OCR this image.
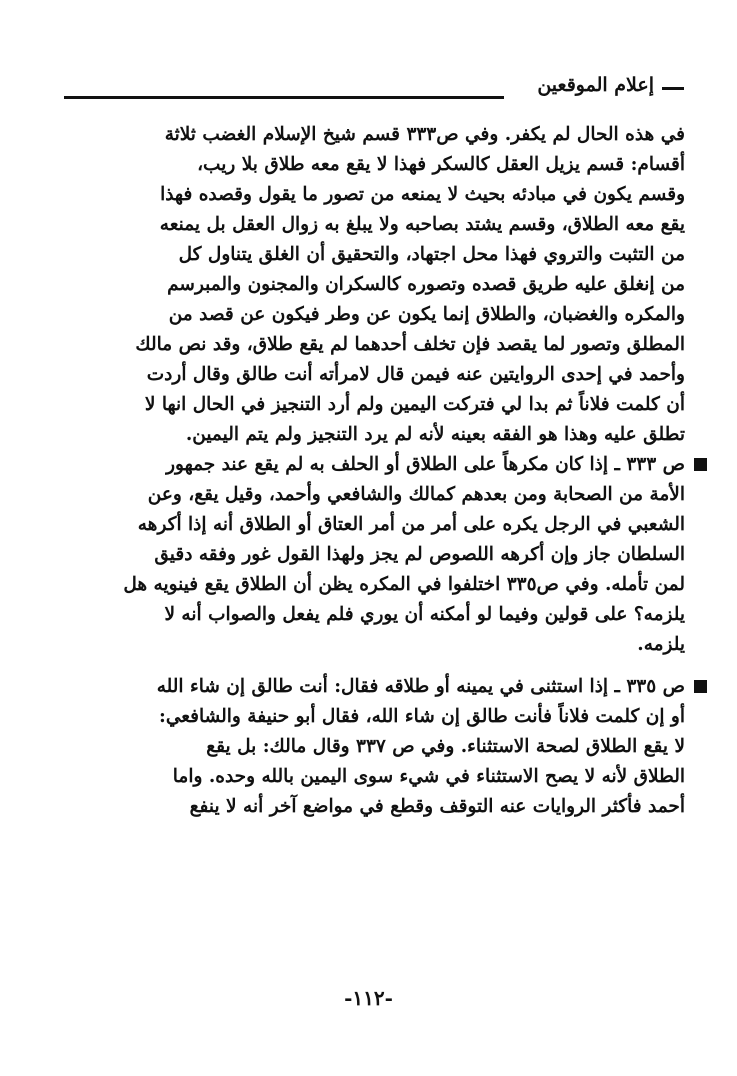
إعلام الموقعين
في هذه الحال لم يكفر. وفي ص٣٣٣ قسم شيخ الإسلام الغضب ثلاثة
أقسام: قسم يزيل العقل كالسكر فهذا لا يقع معه طلاق بلا ريب،
وقسم يكون في مبادئه بحيث لا يمنعه من تصور ما يقول وقصده فهذا
يقع معه الطلاق، وقسم يشتد بصاحبه ولا يبلغ به زوال العقل بل يمنعه
من التثبت والتروي فهذا محل اجتهاد، والتحقيق أن الغلق يتناول كل
من إنغلق عليه طريق قصده وتصوره كالسكران والمجنون والمبرسم
والمكره والغضبان، والطلاق إنما يكون عن وطر فيكون عن قصد من
المطلق وتصور لما يقصد فإن تخلف أحدهما لم يقع طلاق، وقد نص مالك
وأحمد في إحدى الروايتين عنه فيمن قال لامرأته أنت طالق وقال أردت
أن كلمت فلاناً ثم بدا لي فتركت اليمين ولم أرد التنجيز في الحال انها لا
تطلق عليه وهذا هو الفقه بعينه لأنه لم يرد التنجيز ولم يتم اليمين.
ص ٣٣٣ ـ إذا كان مكرهاً على الطلاق أو الحلف به لم يقع عند جمهور
الأمة من الصحابة ومن بعدهم كمالك والشافعي وأحمد، وقيل يقع، وعن
الشعبي في الرجل يكره على أمر من أمر العتاق أو الطلاق أنه إذا أكرهه
السلطان جاز وإن أكرهه اللصوص لم يجز ولهذا القول غور وفقه دقيق
لمن تأمله. وفي ص٣٣٥ اختلفوا في المكره يظن أن الطلاق يقع فينويه هل
يلزمه؟ على قولين وفيما لو أمكنه أن يوري فلم يفعل والصواب أنه لا
يلزمه.
ص ٣٣٥ ـ إذا استثنى في يمينه أو طلاقه فقال: أنت طالق إن شاء الله
أو إن كلمت فلاناً فأنت طالق إن شاء الله، فقال أبو حنيفة والشافعي:
لا يقع الطلاق لصحة الاستثناء. وفي ص ٣٣٧ وقال مالك: بل يقع
الطلاق لأنه لا يصح الاستثناء في شيء سوى اليمين بالله وحده. واما
أحمد فأكثر الروايات عنه التوقف وقطع في مواضع آخر أنه لا ينفع
-١١٢-
